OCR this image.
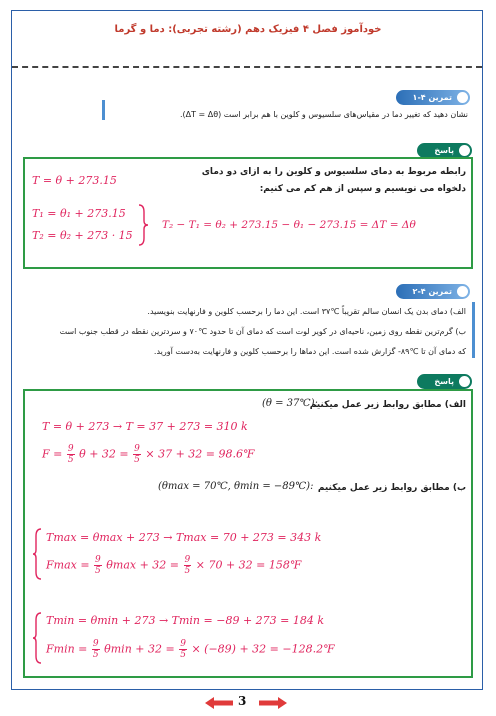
خودآموز فصل ۴ فیزیک دهم (رشته تجربی): دما و گرما
تمرین ۴-۱
نشان دهید که تغییر دما در مقیاس‌های سلسیوس و کلوین با هم برابر است (ΔT = Δθ).
پاسخ
T = θ + 273.15
رابطه مربوط به دمای سلسیوس و کلوین را به ازای دو دمای دلخواه می نویسیم و سپس از هم کم می کنیم:
T₁ = θ₁ + 273.15
T₂ = θ₂ + 273 · 15
T₂ − T₁ = θ₂ + 273.15 − θ₁ − 273.15 = ΔT = Δθ
تمرین ۴-۲
الف) دمای بدن یک انسان سالم تقریباً ℃۳۷ است. این دما را برحسب کلوین و فارنهایت بنویسید.
ب) گرم‌ترین نقطه روی زمین، ناحیه‌ای در کویر لوت است که دمای آن تا حدود ℃۷۰ و سردترین نقطه در قطب جنوب است
که دمای آن تا ℃۸۹- گزارش شده است. این دماها را برحسب کلوین و فارنهایت به‌دست آورید.
پاسخ
الف) مطابق روابط زیر عمل میکنیم
(θ = 37℃):
T = θ + 273 → T = 37 + 273 = 310 k
$F = \frac{9}{5}$ $\theta + 32 = \frac{9}{5} \times 37 + 32$ = 98.6℉
ب) مطابق روابط زیر عمل میکنیم
(θmax = 70℃, θmin = −89℃):
Tmax = θmax + 273 → Tmax = 70 + 273 = 343 k
$Fmax = \frac{9}{5}$ $\theta\max + 32 = \frac{9}{5} \times 70 + 32$ = 158℉
Tmin = θmin + 273 → Tmin = −89 + 273 = 184 k
$Fmin = \frac{9}{5}$ $\theta\min + 32 = \frac{9}{5} \times (-89) + 32$ = −128.2℉
3
